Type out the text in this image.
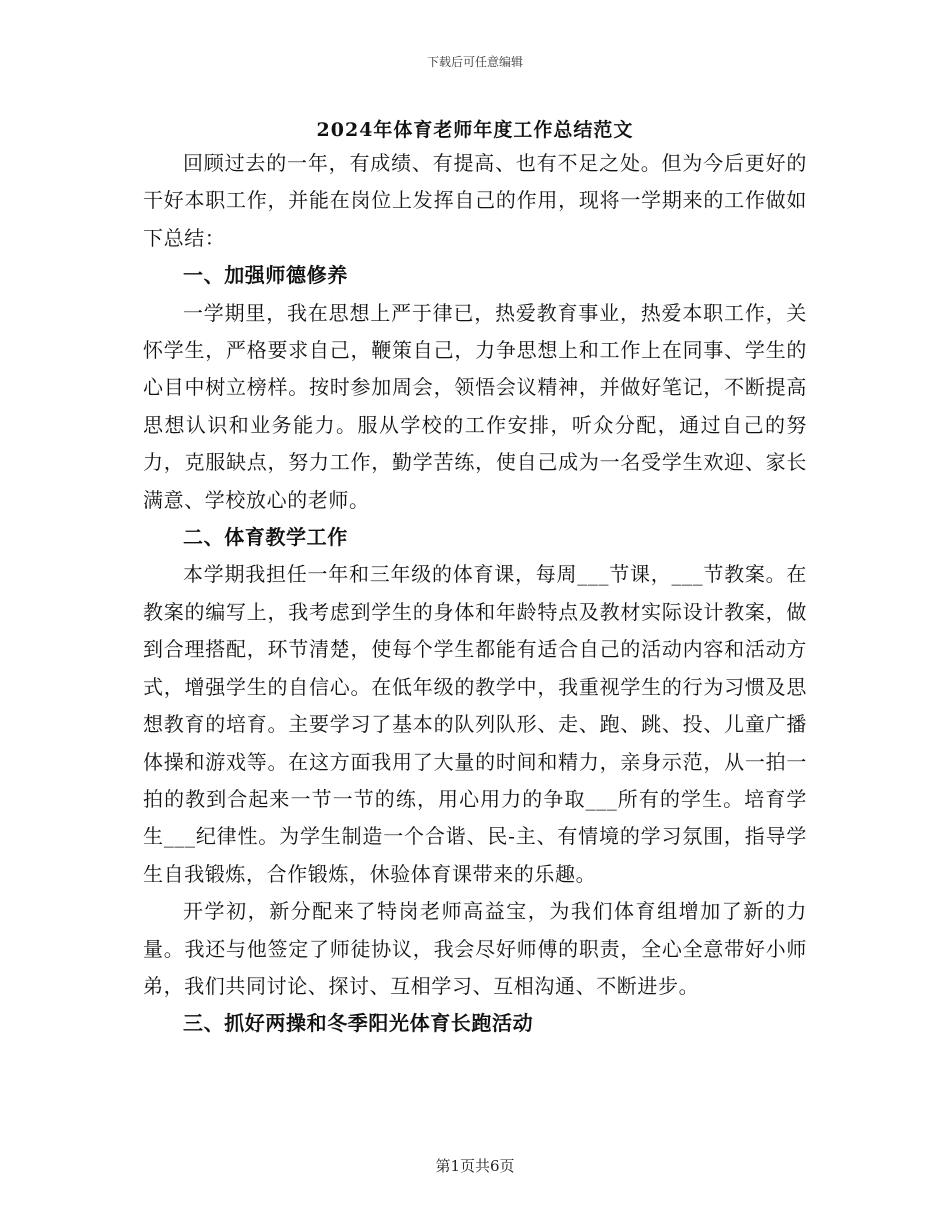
下载后可任意编辑
2024年体育老师年度工作总结范文

回顾过去的一年，有成绩、有提高、也有不足之处。但为今后更好的干好本职工作，并能在岗位上发挥自己的作用，现将一学期来的工作做如下总结：

一、加强师德修养

一学期里，我在思想上严于律已，热爱教育事业，热爱本职工作，关怀学生，严格要求自己，鞭策自己，力争思想上和工作上在同事、学生的心目中树立榜样。按时参加周会，领悟会议精神，并做好笔记，不断提高思想认识和业务能力。服从学校的工作安排，听众分配，通过自己的努力，克服缺点，努力工作，勤学苦练，使自己成为一名受学生欢迎、家长满意、学校放心的老师。

二、体育教学工作

本学期我担任一年和三年级的体育课，每周___节课，___节教案。在教案的编写上，我考虑到学生的身体和年龄特点及教材实际设计教案，做到合理搭配，环节清楚，使每个学生都能有适合自己的活动内容和活动方式，增强学生的自信心。在低年级的教学中，我重视学生的行为习惯及思想教育的培育。主要学习了基本的队列队形、走、跑、跳、投、儿童广播体操和游戏等。在这方面我用了大量的时间和精力，亲身示范，从一拍一拍的教到合起来一节一节的练，用心用力的争取___所有的学生。培育学生___纪律性。为学生制造一个合谐、民-主、有情境的学习氛围，指导学生自我锻炼，合作锻炼，休验体育课带来的乐趣。

开学初，新分配来了特岗老师高益宝，为我们体育组增加了新的力量。我还与他签定了师徒协议，我会尽好师傅的职责，全心全意带好小师弟，我们共同讨论、探讨、互相学习、互相沟通、不断进步。

三、抓好两操和冬季阳光体育长跑活动
第1页共6页
